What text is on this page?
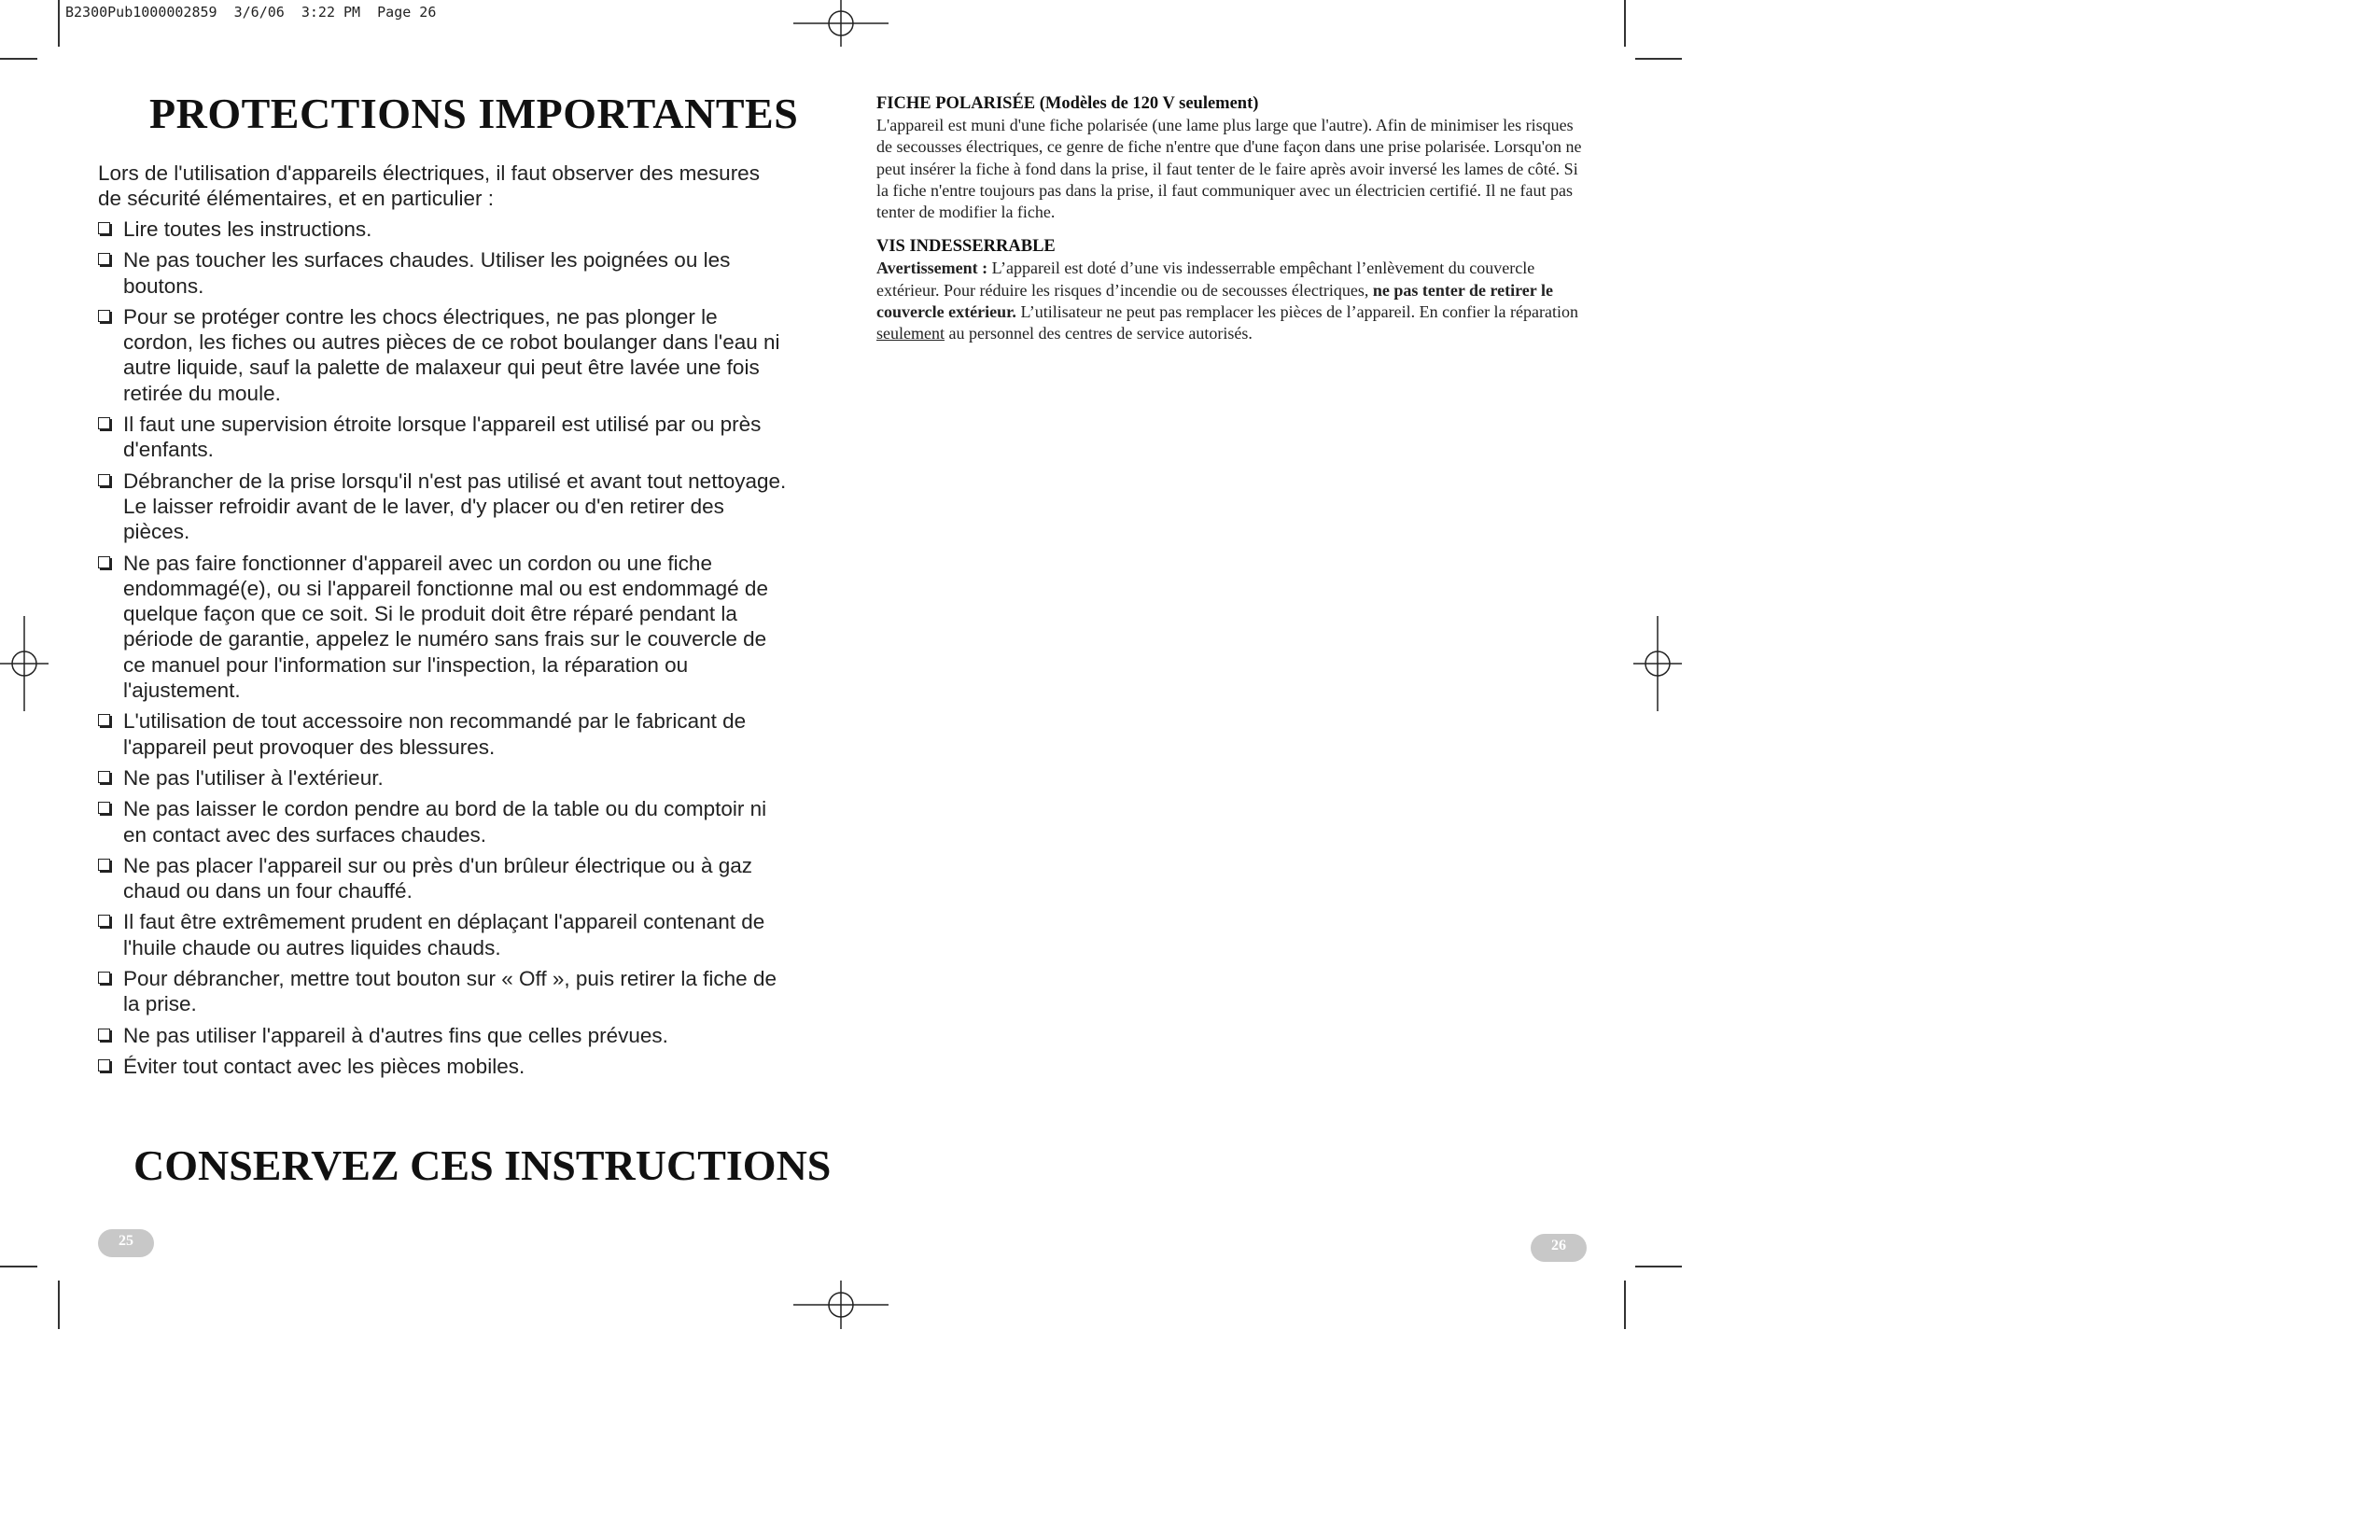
B2300Pub1000002859  3/6/06  3:22 PM  Page 26
PROTECTIONS IMPORTANTES

Lors de l'utilisation d'appareils électriques, il faut observer des mesures de sécurité élémentaires, et en particulier :

Lire toutes les instructions.
Ne pas toucher les surfaces chaudes. Utiliser les poignées ou les boutons.
Pour se protéger contre les chocs électriques, ne pas plonger le cordon, les fiches ou autres pièces de ce robot boulanger dans l'eau ni autre liquide, sauf la palette de malaxeur qui peut être lavée une fois retirée du moule.
Il faut une supervision étroite lorsque l'appareil est utilisé par ou près d'enfants.
Débrancher de la prise lorsqu'il n'est pas utilisé et avant tout nettoyage. Le laisser refroidir avant de le laver, d'y placer ou d'en retirer des pièces.
Ne pas faire fonctionner d'appareil avec un cordon ou une fiche endommagé(e), ou si l'appareil fonctionne mal ou est endommagé de quelque façon que ce soit. Si le produit doit être réparé pendant la période de garantie, appelez le numéro sans frais sur le couvercle de ce manuel pour l'information sur l'inspection, la réparation ou l'ajustement.
L'utilisation de tout accessoire non recommandé par le fabricant de l'appareil peut provoquer des blessures.
Ne pas l'utiliser à l'extérieur.
Ne pas laisser le cordon pendre au bord de la table ou du comptoir ni en contact avec des surfaces chaudes.
Ne pas placer l'appareil sur ou près d'un brûleur électrique ou à gaz chaud ou dans un four chauffé.
Il faut être extrêmement prudent en déplaçant l'appareil contenant de l'huile chaude ou autres liquides chauds.
Pour débrancher, mettre tout bouton sur « Off », puis retirer la fiche de la prise.
Ne pas utiliser l'appareil à d'autres fins que celles prévues.
Éviter tout contact avec les pièces mobiles.
CONSERVEZ CES INSTRUCTIONS
25

FICHE POLARISÉE (Modèles de 120 V seulement)

L'appareil est muni d'une fiche polarisée (une lame plus large que l'autre). Afin de minimiser les risques de secousses électriques, ce genre de fiche n'entre que d'une façon dans une prise polarisée. Lorsqu'on ne peut insérer la fiche à fond dans la prise, il faut tenter de le faire après avoir inversé les lames de côté. Si la fiche n'entre toujours pas dans la prise, il faut communiquer avec un électricien certifié. Il ne faut pas tenter de modifier la fiche.

VIS INDESSERRABLE

Avertissement : L’appareil est doté d’une vis indesserrable empêchant l’enlèvement du couvercle extérieur. Pour réduire les risques d’incendie ou de secousses électriques, ne pas tenter de retirer le couvercle extérieur. L’utilisateur ne peut pas remplacer les pièces de l’appareil. En confier la réparation seulement au personnel des centres de service autorisés.

26
